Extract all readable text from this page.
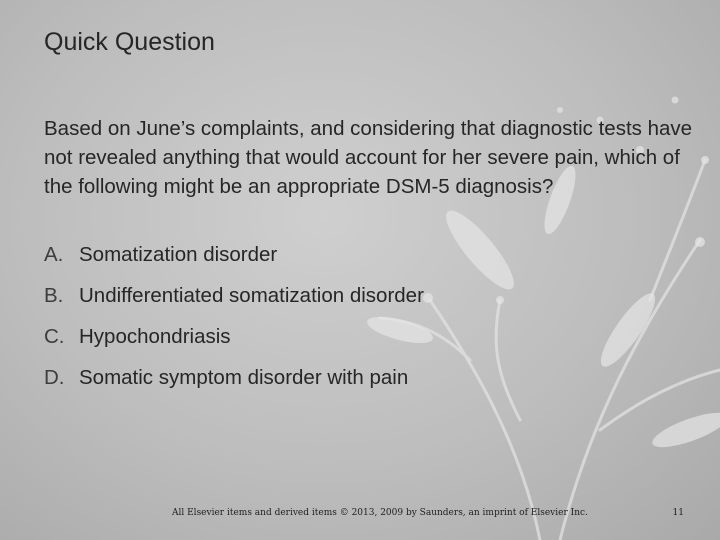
Quick Question

Based on June’s complaints, and considering that diagnostic tests have not revealed anything that would account for her severe pain, which of the following might be an appropriate DSM-5 diagnosis?

A. Somatization disorder
B. Undifferentiated somatization disorder
C. Hypochondriasis
D. Somatic symptom disorder with pain
All Elsevier items and derived items © 2013, 2009 by Saunders, an imprint of Elsevier Inc.	11
